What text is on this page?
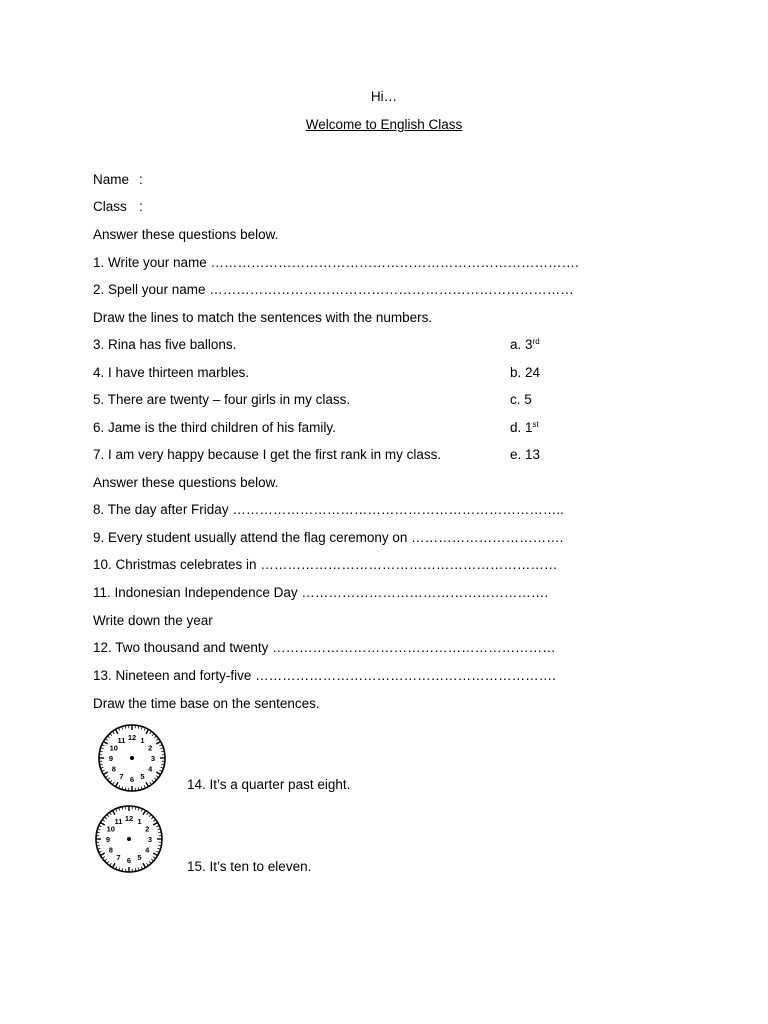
Hi…
Welcome to English Class
Name :
Class :
Answer these questions below.
1. Write your name ……………………………………………………………………….
2. Spell your name ………………………………………………………………………
Draw the lines to match the sentences with the numbers.
3. Rina has five ballons.	a. 3rd
4. I have thirteen marbles.	b. 24
5. There are twenty – four girls in my class.	c. 5
6. Jame is the third children of his family.	d. 1st
7. I am very happy because I get the first rank in my class.	e. 13
Answer these questions below.
8. The day after Friday ………………………………………………………………..
9. Every student usually attend the flag ceremony on …………………………….
10. Christmas celebrates in …………………………………………………………
11. Indonesian Independence Day ……………………………………………….
Write down the year
12. Two thousand and twenty ………………………………………………………
13. Nineteen and forty-five ………………………………………………………….
Draw the time base on the sentences.
12 1
2
3
4
5
6
7
8
9
10
11
14. It’s a quarter past eight.
12 1
2
3
4
5
6
7
8
9
10
11
15. It’s ten to eleven.
